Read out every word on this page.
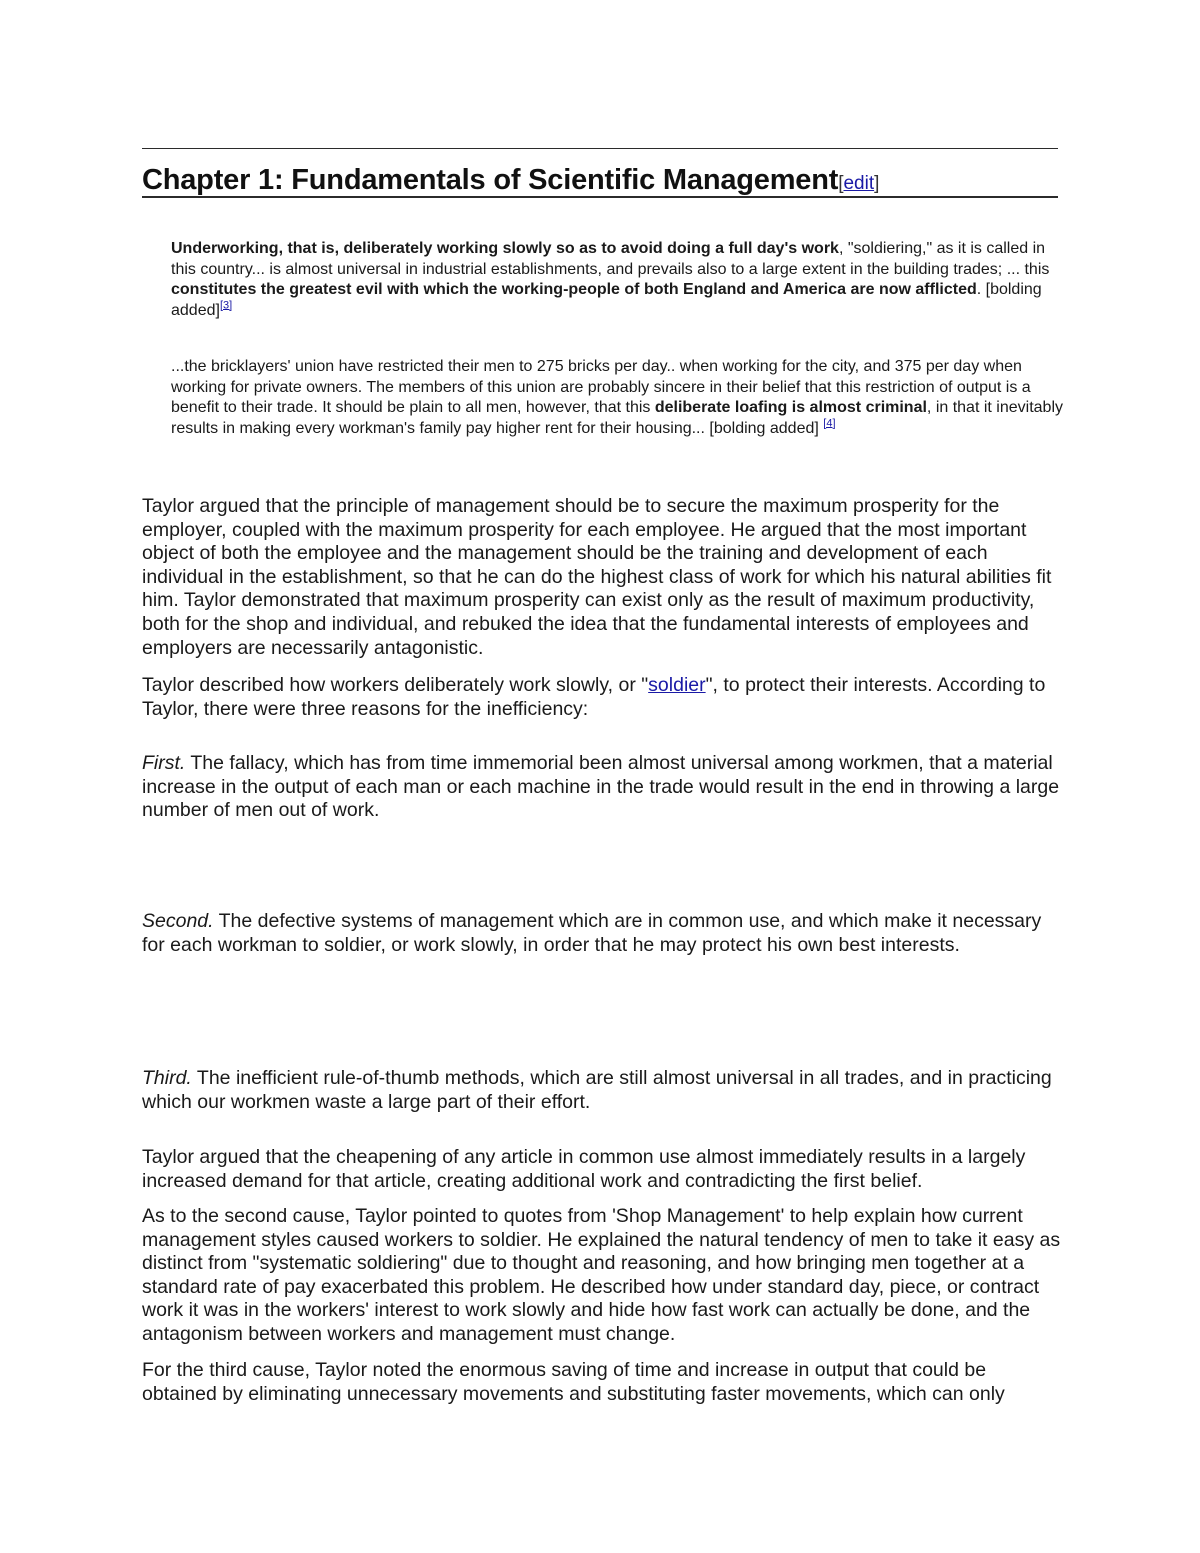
Chapter 1: Fundamentals of Scientific Management[edit]

Underworking, that is, deliberately working slowly so as to avoid doing a full day's work, "soldiering," as it is called in this country... is almost universal in industrial establishments, and prevails also to a large extent in the building trades; ... this constitutes the greatest evil with which the working-people of both England and America are now afflicted. [bolding added][3]

...the bricklayers' union have restricted their men to 275 bricks per day.. when working for the city, and 375 per day when working for private owners. The members of this union are probably sincere in their belief that this restriction of output is a benefit to their trade. It should be plain to all men, however, that this deliberate loafing is almost criminal, in that it inevitably results in making every workman's family pay higher rent for their housing... [bolding added] [4]

Taylor argued that the principle of management should be to secure the maximum prosperity for the employer, coupled with the maximum prosperity for each employee. He argued that the most important object of both the employee and the management should be the training and development of each individual in the establishment, so that he can do the highest class of work for which his natural abilities fit him. Taylor demonstrated that maximum prosperity can exist only as the result of maximum productivity, both for the shop and individual, and rebuked the idea that the fundamental interests of employees and employers are necessarily antagonistic.

Taylor described how workers deliberately work slowly, or "soldier", to protect their interests. According to Taylor, there were three reasons for the inefficiency:

First. The fallacy, which has from time immemorial been almost universal among workmen, that a material increase in the output of each man or each machine in the trade would result in the end in throwing a large number of men out of work.

Second. The defective systems of management which are in common use, and which make it necessary for each workman to soldier, or work slowly, in order that he may protect his own best interests.

Third. The inefficient rule-of-thumb methods, which are still almost universal in all trades, and in practicing which our workmen waste a large part of their effort.

Taylor argued that the cheapening of any article in common use almost immediately results in a largely increased demand for that article, creating additional work and contradicting the first belief.

As to the second cause, Taylor pointed to quotes from 'Shop Management' to help explain how current management styles caused workers to soldier. He explained the natural tendency of men to take it easy as distinct from "systematic soldiering" due to thought and reasoning, and how bringing men together at a standard rate of pay exacerbated this problem. He described how under standard day, piece, or contract work it was in the workers' interest to work slowly and hide how fast work can actually be done, and the antagonism between workers and management must change.

For the third cause, Taylor noted the enormous saving of time and increase in output that could be obtained by eliminating unnecessary movements and substituting faster movements, which can only
